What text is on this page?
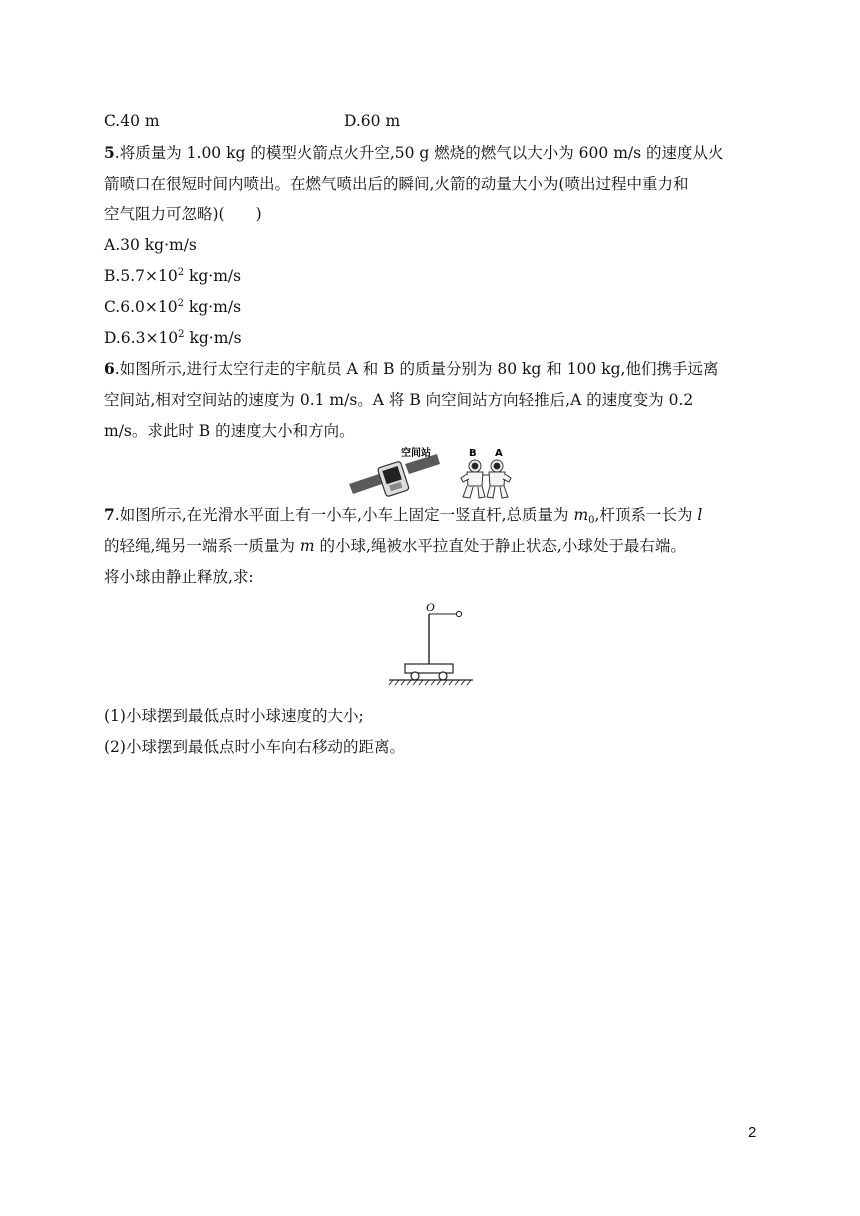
C.40 m	D.60 m
5.将质量为 1.00 kg 的模型火箭点火升空,50 g 燃烧的燃气以大小为 600 m/s 的速度从火
箭喷口在很短时间内喷出。在燃气喷出后的瞬间,火箭的动量大小为(喷出过程中重力和
空气阻力可忽略)(　　)
A.30 kg·m/s
$B.5.7\times 10^2$ kg·m/s
$C.6.0\times 10^2$ kg·m/s
$D.6.3\times 10^2$ kg·m/s
6.如图所示,进行太空行走的宇航员 A 和 B 的质量分别为 80 kg 和 100 kg,他们携手远离
空间站,相对空间站的速度为 0.1 m/s。A 将 B 向空间站方向轻推后,A 的速度变为 0.2
m/s。求此时 B 的速度大小和方向。
空间站	B A
7.如图所示,在光滑水平面上有一小车,小车上固定一竖直杆,总质量为 $m_0$,杆顶系一长为 l
的轻绳,绳另一端系一质量为 m 的小球,绳被水平拉直处于静止状态,小球处于最右端。
将小球由静止释放,求:
O
(1)小球摆到最低点时小球速度的大小;
(2)小球摆到最低点时小车向右移动的距离。
2
